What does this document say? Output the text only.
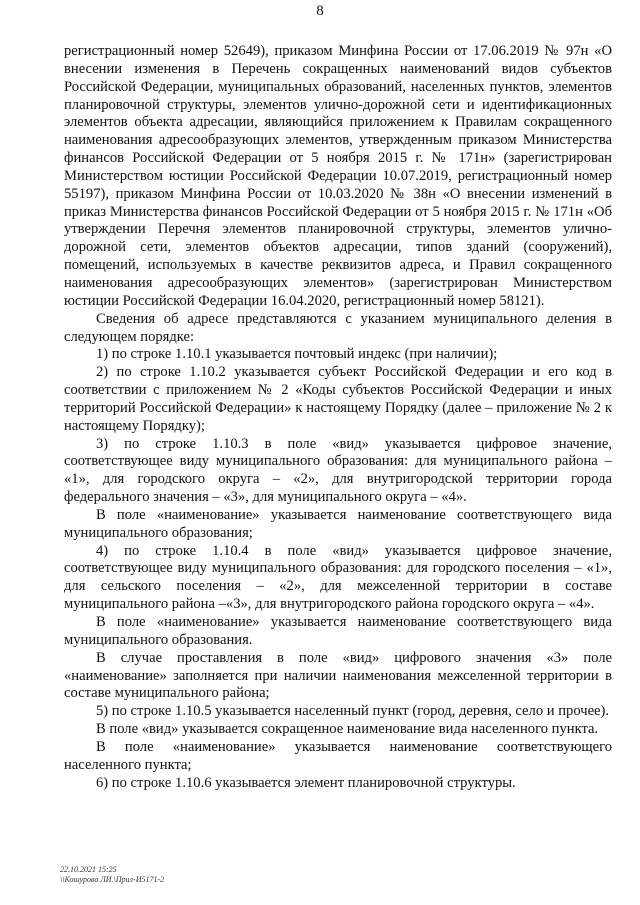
8

регистрационный номер 52649), приказом Минфина России от 17.06.2019 № 97н «О внесении изменения в Перечень сокращенных наименований видов субъектов Российской Федерации, муниципальных образований, населенных пунктов, элементов планировочной структуры, элементов улично-дорожной сети и идентификационных элементов объекта адресации, являющийся приложением к Правилам сокращенного наименования адресообразующих элементов, утвержденным приказом Министерства финансов Российской Федерации от 5 ноября 2015 г. № 171н» (зарегистрирован Министерством юстиции Российской Федерации 10.07.2019, регистрационный номер 55197), приказом Минфина России от 10.03.2020 № 38н «О внесении изменений в приказ Министерства финансов Российской Федерации от 5 ноября 2015 г. № 171н «Об утверждении Перечня элементов планировочной структуры, элементов улично-дорожной сети, элементов объектов адресации, типов зданий (сооружений), помещений, используемых в качестве реквизитов адреса, и Правил сокращенного наименования адресообразующих элементов» (зарегистрирован Министерством юстиции Российской Федерации 16.04.2020, регистрационный номер 58121).

Сведения об адресе представляются с указанием муниципального деления в следующем порядке:

1) по строке 1.10.1 указывается почтовый индекс (при наличии);

2) по строке 1.10.2 указывается субъект Российской Федерации и его код в соответствии с приложением № 2 «Коды субъектов Российской Федерации и иных территорий Российской Федерации» к настоящему Порядку (далее – приложение № 2 к настоящему Порядку);

3) по строке 1.10.3 в поле «вид» указывается цифровое значение, соответствующее виду муниципального образования: для муниципального района – «1», для городского округа – «2», для внутригородской территории города федерального значения – «3», для муниципального округа – «4».

В поле «наименование» указывается наименование соответствующего вида муниципального образования;

4) по строке 1.10.4 в поле «вид» указывается цифровое значение, соответствующее виду муниципального образования: для городского поселения – «1», для сельского поселения – «2», для межселенной территории в составе муниципального района –«3», для внутригородского района городского округа – «4».

В поле «наименование» указывается наименование соответствующего вида муниципального образования.

В случае проставления в поле «вид» цифрового значения «3» поле «наименование» заполняется при наличии наименования межселенной территории в составе муниципального района;

5) по строке 1.10.5 указывается населенный пункт (город, деревня, село и прочее).

В поле «вид» указывается сокращенное наименование вида населенного пункта.

В поле «наименование» указывается наименование соответствующего населенного пункта;

6) по строке 1.10.6 указывается элемент планировочной структуры.

22.10.2021 15:25
\\Кошурова ЛИ.\Прил-И5171-2
